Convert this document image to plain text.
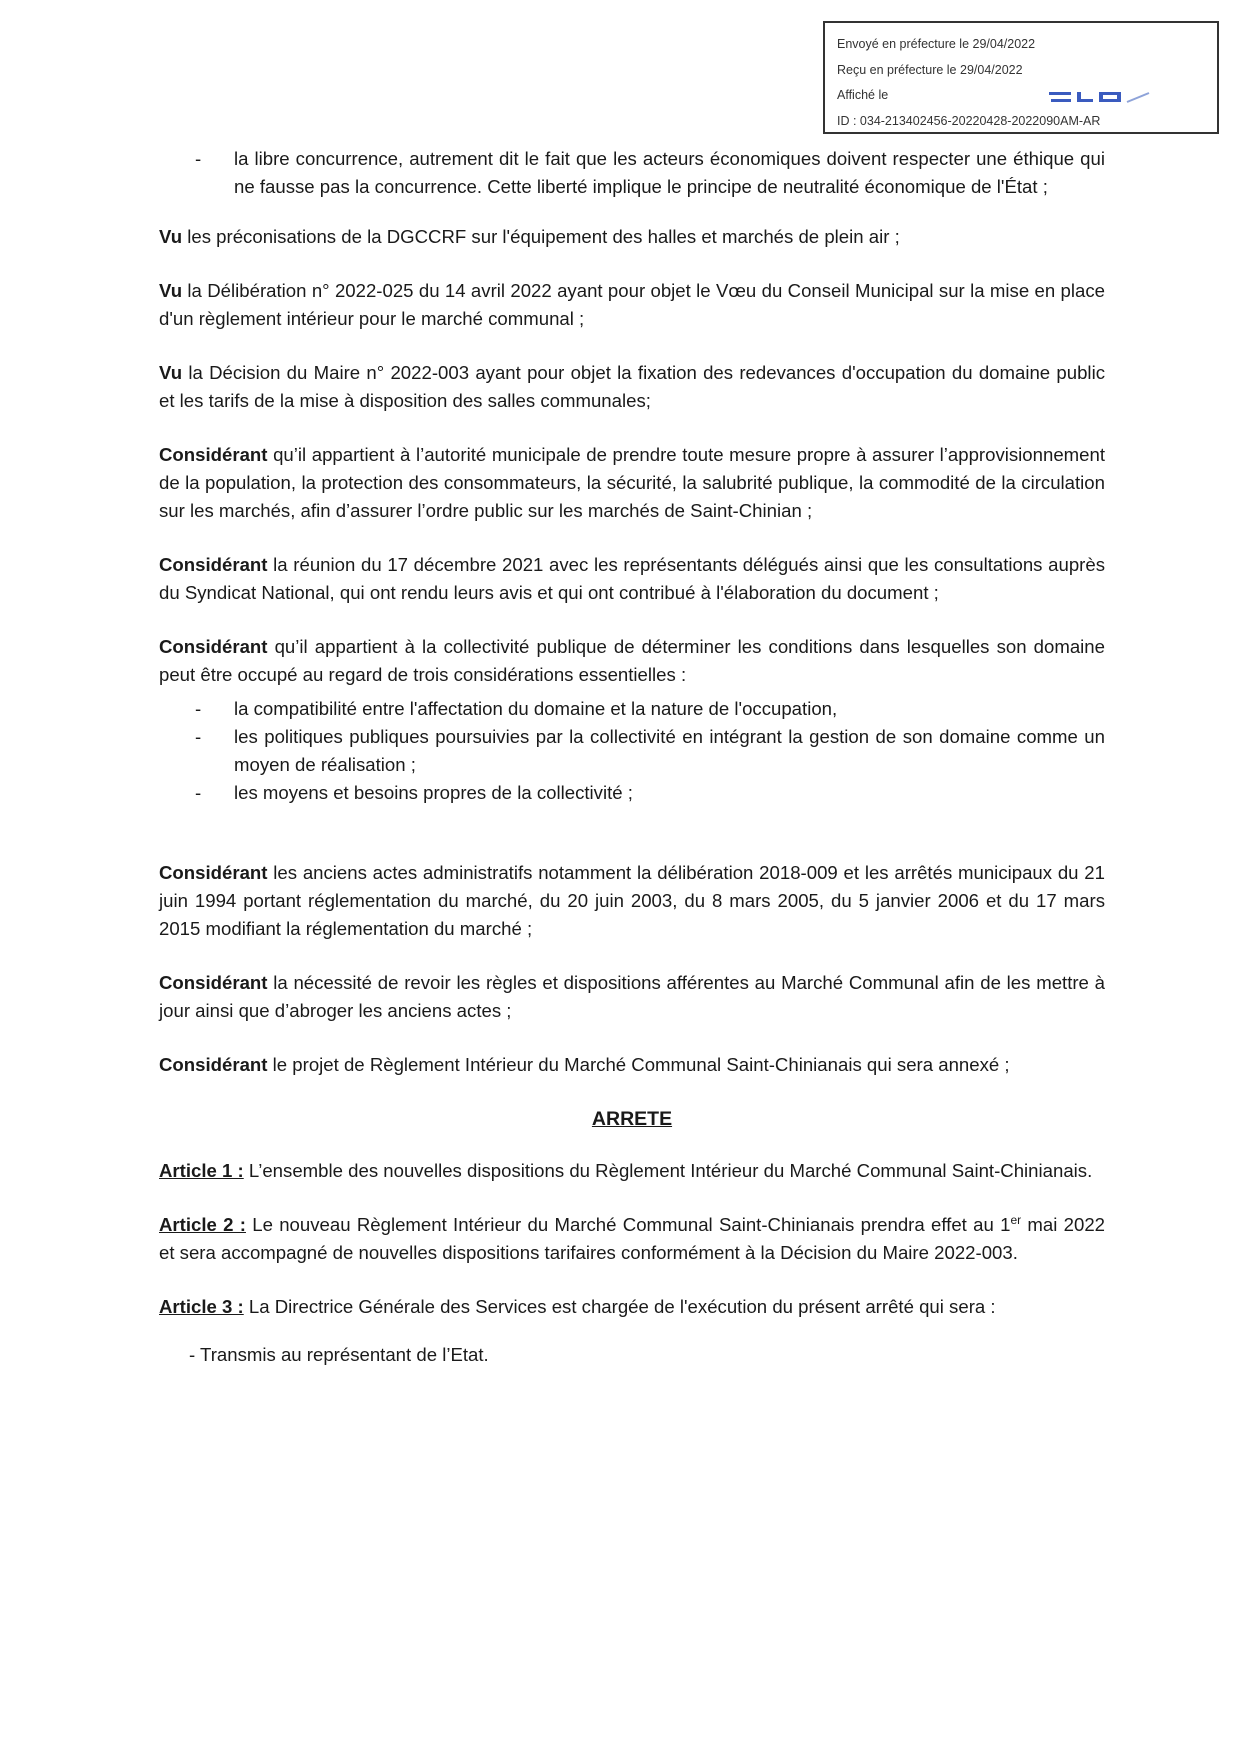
Envoyé en préfecture le 29/04/2022
Reçu en préfecture le 29/04/2022
Affiché le
ID : 034-213402456-20220428-2022090AM-AR
- la libre concurrence, autrement dit le fait que les acteurs économiques doivent respecter une éthique qui ne fausse pas la concurrence. Cette liberté implique le principe de neutralité économique de l'État ;

Vu les préconisations de la DGCCRF sur l'équipement des halles et marchés de plein air ;

Vu la Délibération n° 2022-025 du 14 avril 2022 ayant pour objet le Vœu du Conseil Municipal sur la mise en place d'un règlement intérieur pour le marché communal ;

Vu la Décision du Maire n° 2022-003 ayant pour objet la fixation des redevances d'occupation du domaine public et les tarifs de la mise à disposition des salles communales;

Considérant qu’il appartient à l’autorité municipale de prendre toute mesure propre à assurer l’approvisionnement de la population, la protection des consommateurs, la sécurité, la salubrité publique, la commodité de la circulation sur les marchés, afin d’assurer l’ordre public sur les marchés de Saint-Chinian ;

Considérant la réunion du 17 décembre 2021 avec les représentants délégués ainsi que les consultations auprès du Syndicat National, qui ont rendu leurs avis et qui ont contribué à l'élaboration du document ;

Considérant qu’il appartient à la collectivité publique de déterminer les conditions dans lesquelles son domaine peut être occupé au regard de trois considérations essentielles :

- la compatibilité entre l'affectation du domaine et la nature de l'occupation,
- les politiques publiques poursuivies par la collectivité en intégrant la gestion de son domaine comme un moyen de réalisation ;
- les moyens et besoins propres de la collectivité ;

Considérant les anciens actes administratifs notamment la délibération 2018-009 et les arrêtés municipaux du 21 juin 1994 portant réglementation du marché, du 20 juin 2003, du 8 mars 2005, du 5 janvier 2006 et du 17 mars 2015 modifiant la réglementation du marché ;

Considérant la nécessité de revoir les règles et dispositions afférentes au Marché Communal afin de les mettre à jour ainsi que d’abroger les anciens actes ;

Considérant le projet de Règlement Intérieur du Marché Communal Saint-Chinianais qui sera annexé ;

ARRETE

Article 1 : L’ensemble des nouvelles dispositions du Règlement Intérieur du Marché Communal Saint-Chinianais.

Article 2 : Le nouveau Règlement Intérieur du Marché Communal Saint-Chinianais prendra effet au 1er mai 2022 et sera accompagné de nouvelles dispositions tarifaires conformément à la Décision du Maire 2022-003.

Article 3 : La Directrice Générale des Services est chargée de l'exécution du présent arrêté qui sera :

- Transmis au représentant de l’Etat.
